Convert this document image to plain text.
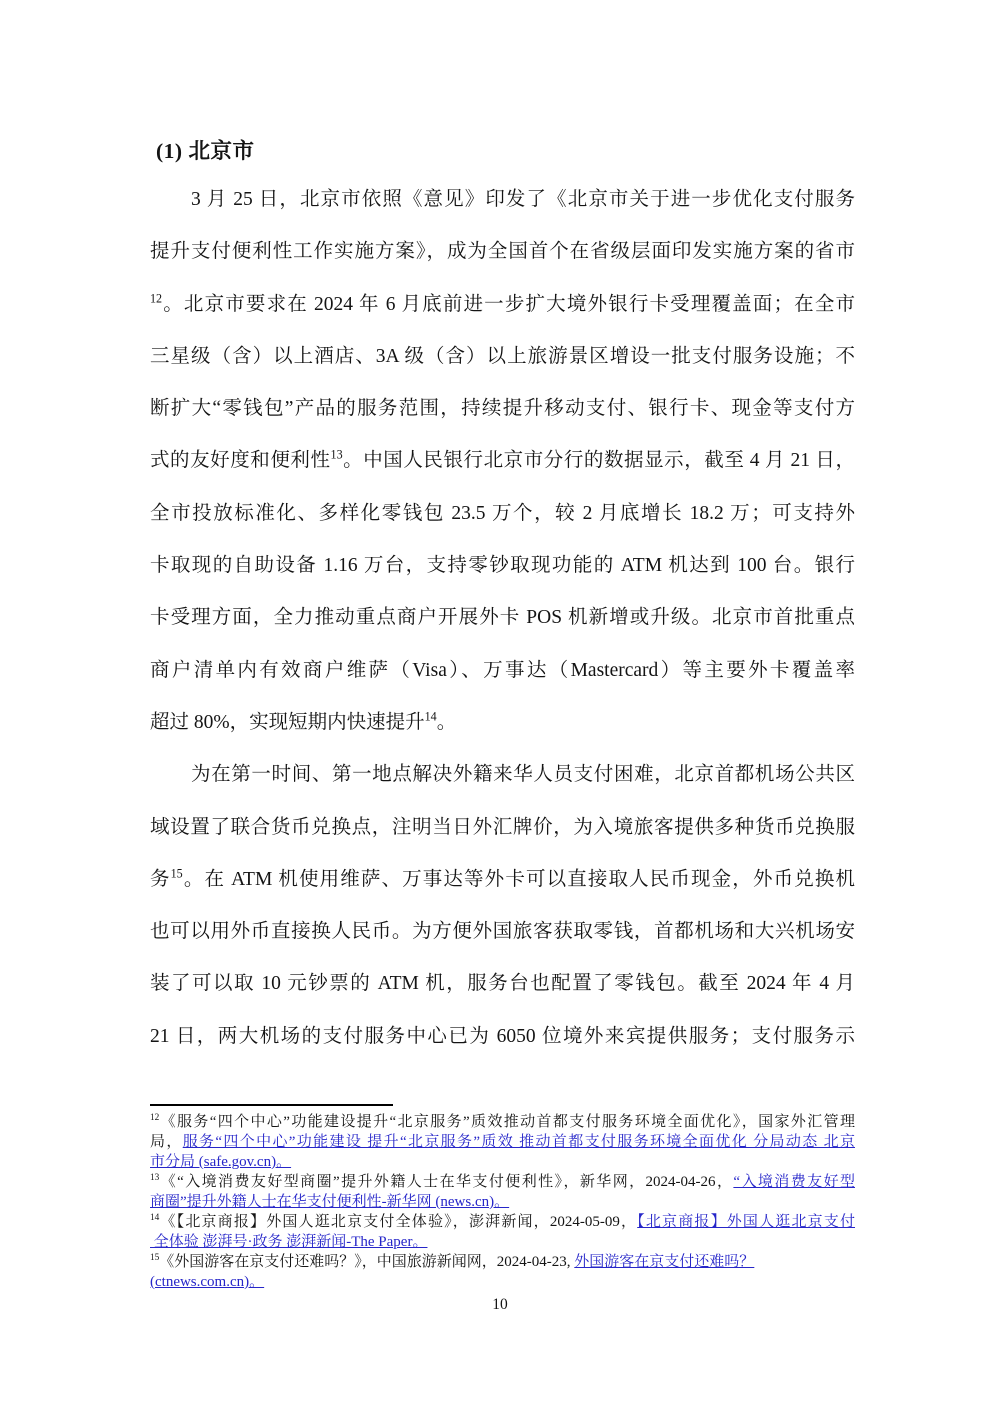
(1) 北京市
3 月 25 日，北京市依照《意见》印发了《北京市关于进一步优化支付服务
提升支付便利性工作实施方案》，成为全国首个在省级层面印发实施方案的省市
$^{12}$。北京市要求在 2024 年 6 月底前进一步扩大境外银行卡受理覆盖面；在全市
三星级（含）以上酒店、3A 级（含）以上旅游景区增设一批支付服务设施；不
断扩大“零钱包”产品的服务范围，持续提升移动支付、银行卡、现金等支付方
式的友好度和便利性$^{13}$。中国人民银行北京市分行的数据显示，截至 4 月 21 日，
全市投放标准化、多样化零钱包 23.5 万个，较 2 月底增长 18.2 万；可支持外
卡取现的自助设备 1.16 万台，支持零钞取现功能的 ATM 机达到 100 台。银行
卡受理方面，全力推动重点商户开展外卡 POS 机新增或升级。北京市首批重点
商户清单内有效商户维萨（Visa）、万事达（Mastercard）等主要外卡覆盖率
超过 80%，实现短期内快速提升$^{14}$。
为在第一时间、第一地点解决外籍来华人员支付困难，北京首都机场公共区
域设置了联合货币兑换点，注明当日外汇牌价，为入境旅客提供多种货币兑换服
务$^{15}$。在 ATM 机使用维萨、万事达等外卡可以直接取人民币现金，外币兑换机
也可以用外币直接换人民币。为方便外国旅客获取零钱，首都机场和大兴机场安
装了可以取 10 元钞票的 ATM 机，服务台也配置了零钱包。截至 2024 年 4 月
21 日，两大机场的支付服务中心已为 6050 位境外来宾提供服务；支付服务示
$^{12}$《服务“四个中心”功能建设提升“北京服务”质效推动首都支付服务环境全面优化》，国家外汇管理
局，服务“四个中心”功能建设 提升“北京服务”质效 推动首都支付服务环境全面优化 分局动态 北京
市分局 (safe.gov.cn)。
$^{13}$《“入境消费友好型商圈”提升外籍人士在华支付便利性》，新华网，2024-04-26，“入境消费友好型
商圈”提升外籍人士在华支付便利性-新华网 (news.cn)。
$^{14}$《【北京商报】外国人逛北京支付全体验》，澎湃新闻，2024-05-09，【北京商报】外国人逛北京支付
全体验 澎湃号·政务 澎湃新闻-The Paper。
$^{15}$《外国游客在京支付还难吗？》，中国旅游新闻网，2024-04-23, 外国游客在京支付还难吗？
(ctnews.com.cn)。
10
